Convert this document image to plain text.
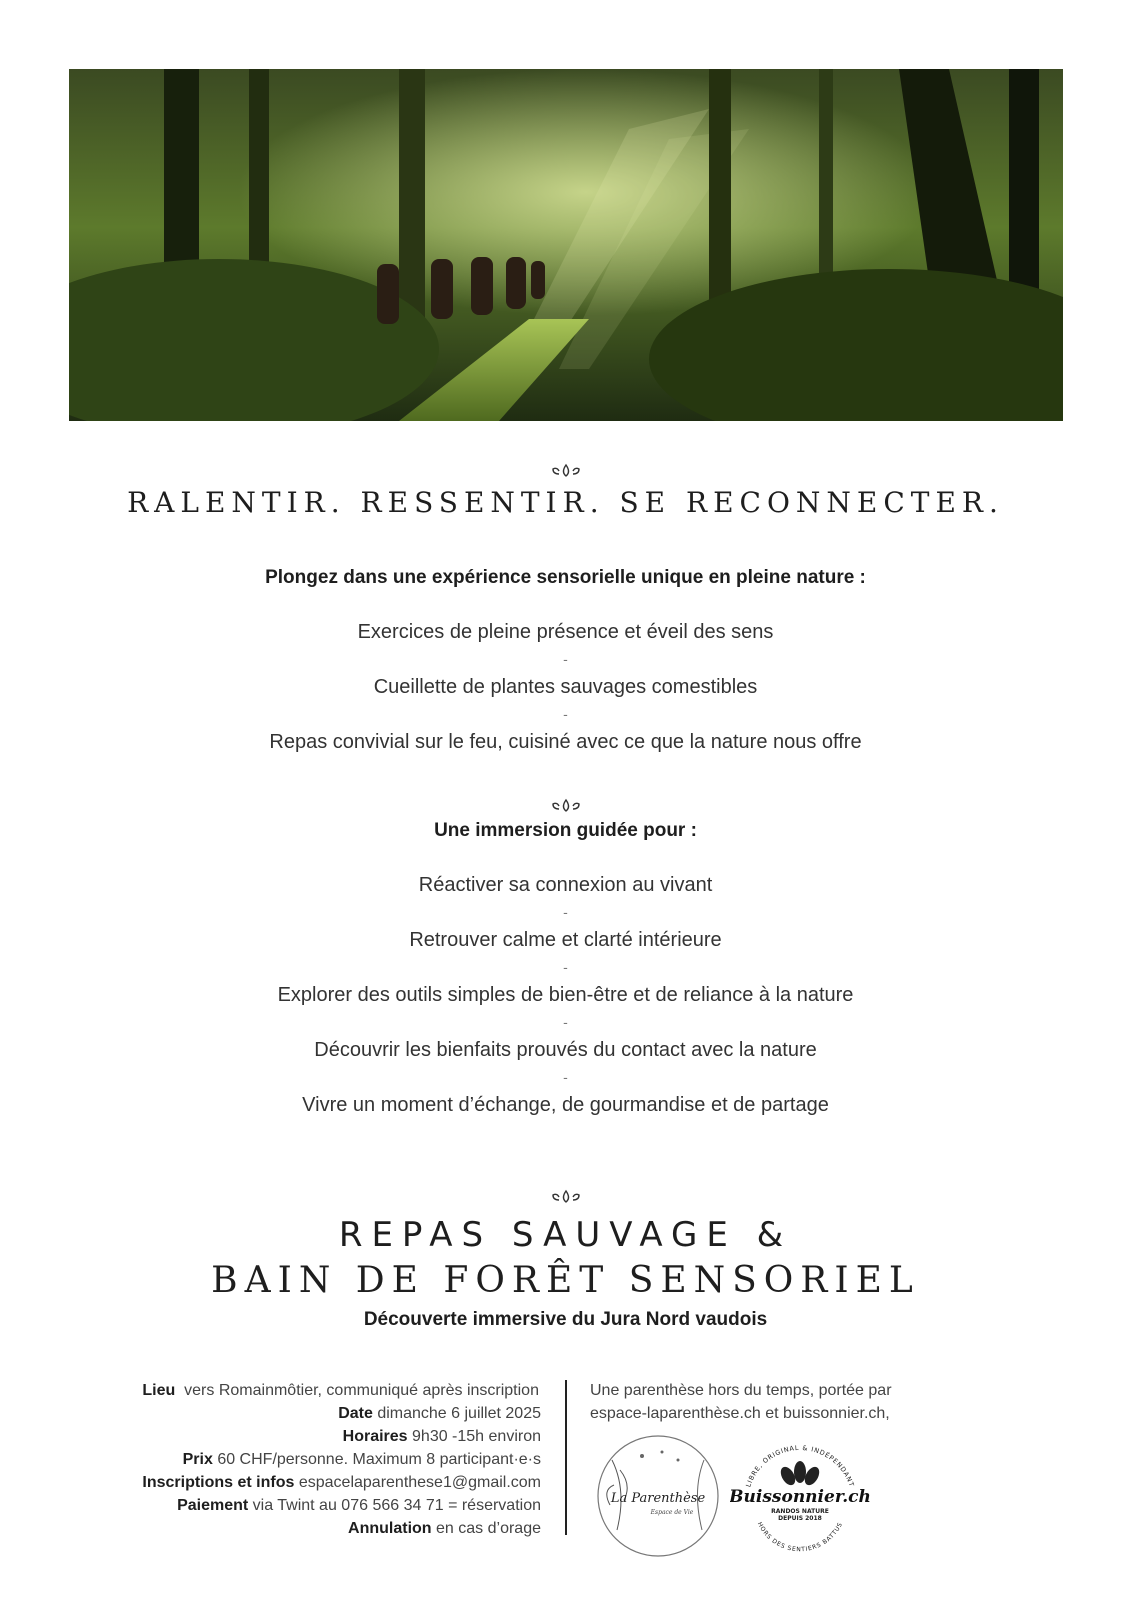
RALENTIR. RESSENTIR. SE RECONNECTER.
Plongez dans une expérience sensorielle unique en pleine nature :
Exercices de pleine présence et éveil des sens
-
Cueillette de plantes sauvages comestibles
-
Repas convivial sur le feu, cuisiné avec ce que la nature nous offre
Une immersion guidée pour :
Réactiver sa connexion au vivant
-
Retrouver calme et clarté intérieure
-
Explorer des outils simples de bien-être et de reliance à la nature
-
Découvrir les bienfaits prouvés du contact avec la nature
-
Vivre un moment d’échange, de gourmandise et de partage
REPAS SAUVAGE &
BAIN DE FORÊT SENSORIEL
Découverte immersive du Jura Nord vaudois
Lieu vers Romainmôtier, communiqué après inscription
Date dimanche 6 juillet 2025
Horaires 9h30 -15h environ
Prix 60 CHF/personne. Maximum 8 participant·e·s
Inscriptions et infos espacelaparenthese1@gmail.com
Paiement via Twint au 076 566 34 71 = réservation
Annulation en cas d’orage
Une parenthèse hors du temps, portée par
espace-laparenthèse.ch et buissonnier.ch,
La Parenthèse
Espace de Vie
LIBRE, ORIGINAL & INDÉPENDANT
Buissonnier.ch
RANDOS NATURE
DEPUIS 2018
HORS DES SENTIERS BATTUS
